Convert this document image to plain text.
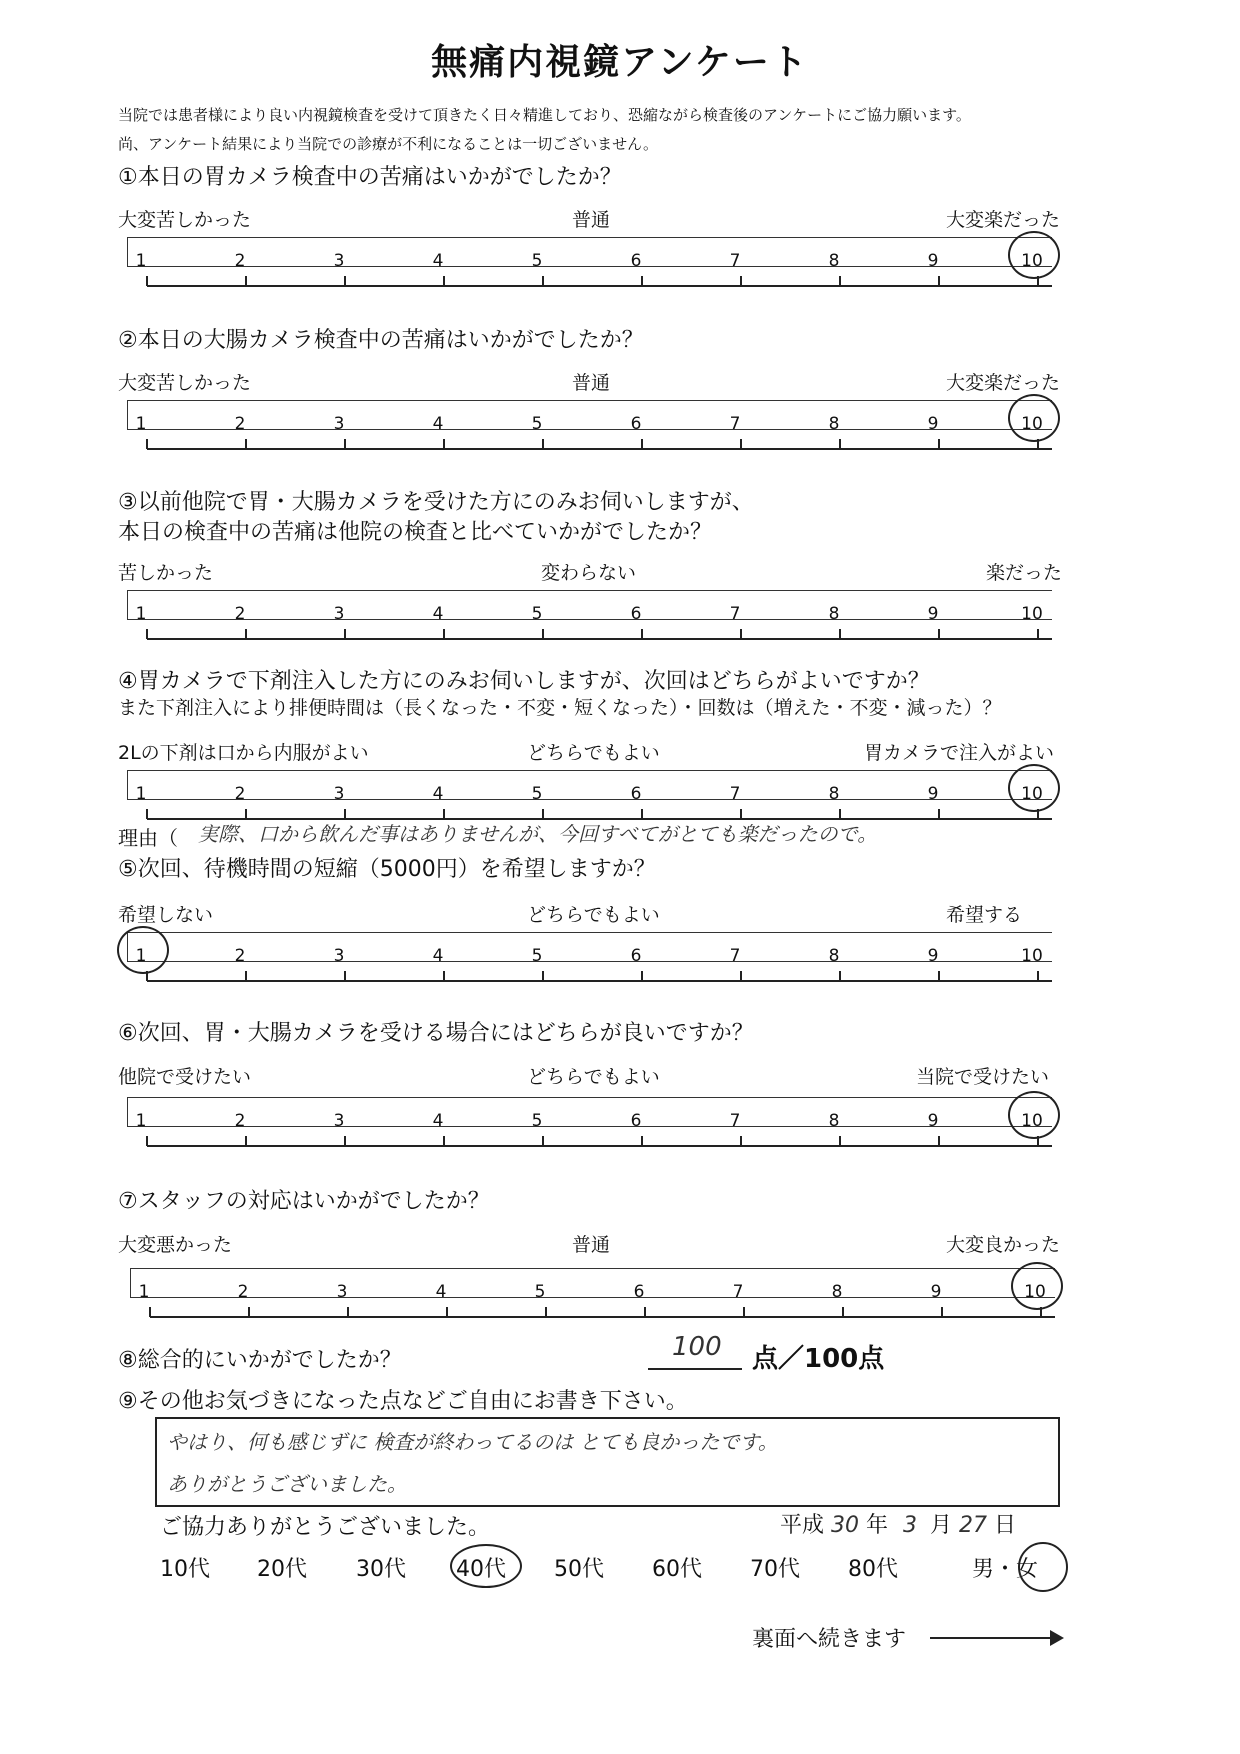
無痛内視鏡アンケート
当院では患者様により良い内視鏡検査を受けて頂きたく日々精進しており、恐縮ながら検査後のアンケートにご協力願います。
尚、アンケート結果により当院での診療が不利になることは一切ございません。
①本日の胃カメラ検査中の苦痛はいかがでしたか？
大変苦しかった	普通	大変楽だった
1	2	3	4	5	6	7	8	9	10
②本日の大腸カメラ検査中の苦痛はいかがでしたか？
大変苦しかった	普通	大変楽だった
1	2	3	4	5	6	7	8	9	10
③以前他院で胃・大腸カメラを受けた方にのみお伺いしますが、
本日の検査中の苦痛は他院の検査と比べていかがでしたか？
苦しかった	変わらない	楽だった
1	2	3	4	5	6	7	8	9	10
④胃カメラで下剤注入した方にのみお伺いしますが、次回はどちらがよいですか？
また下剤注入により排便時間は（長くなった・不変・短くなった）・回数は（増えた・不変・減った）？
2Lの下剤は口から内服がよい	どちらでもよい	胃カメラで注入がよい
1	2	3	4	5	6	7	8	9	10
理由（ 実際、口から飲んだ事はありませんが、今回すべてがとても楽だったので。
⑤次回、待機時間の短縮（5000円）を希望しますか？
希望しない	どちらでもよい	希望する
1	2	3	4	5	6	7	8	9	10
⑥次回、胃・大腸カメラを受ける場合にはどちらが良いですか？
他院で受けたい	どちらでもよい	当院で受けたい
1	2	3	4	5	6	7	8	9	10
⑦スタッフの対応はいかがでしたか？
大変悪かった	普通	大変良かった
1	2	3	4	5	6	7	8	9	10
⑧総合的にいかがでしたか？	100 点／100点
⑨その他お気づきになった点などご自由にお書き下さい。
やはり、何も感じずに 検査が終わってるのは とても良かったです。
ありがとうございました。
ご協力ありがとうございました。	平成 30 年 3 月 27 日
10代 20代 30代 40代 50代 60代 70代 80代	男・女
裏面へ続きます
